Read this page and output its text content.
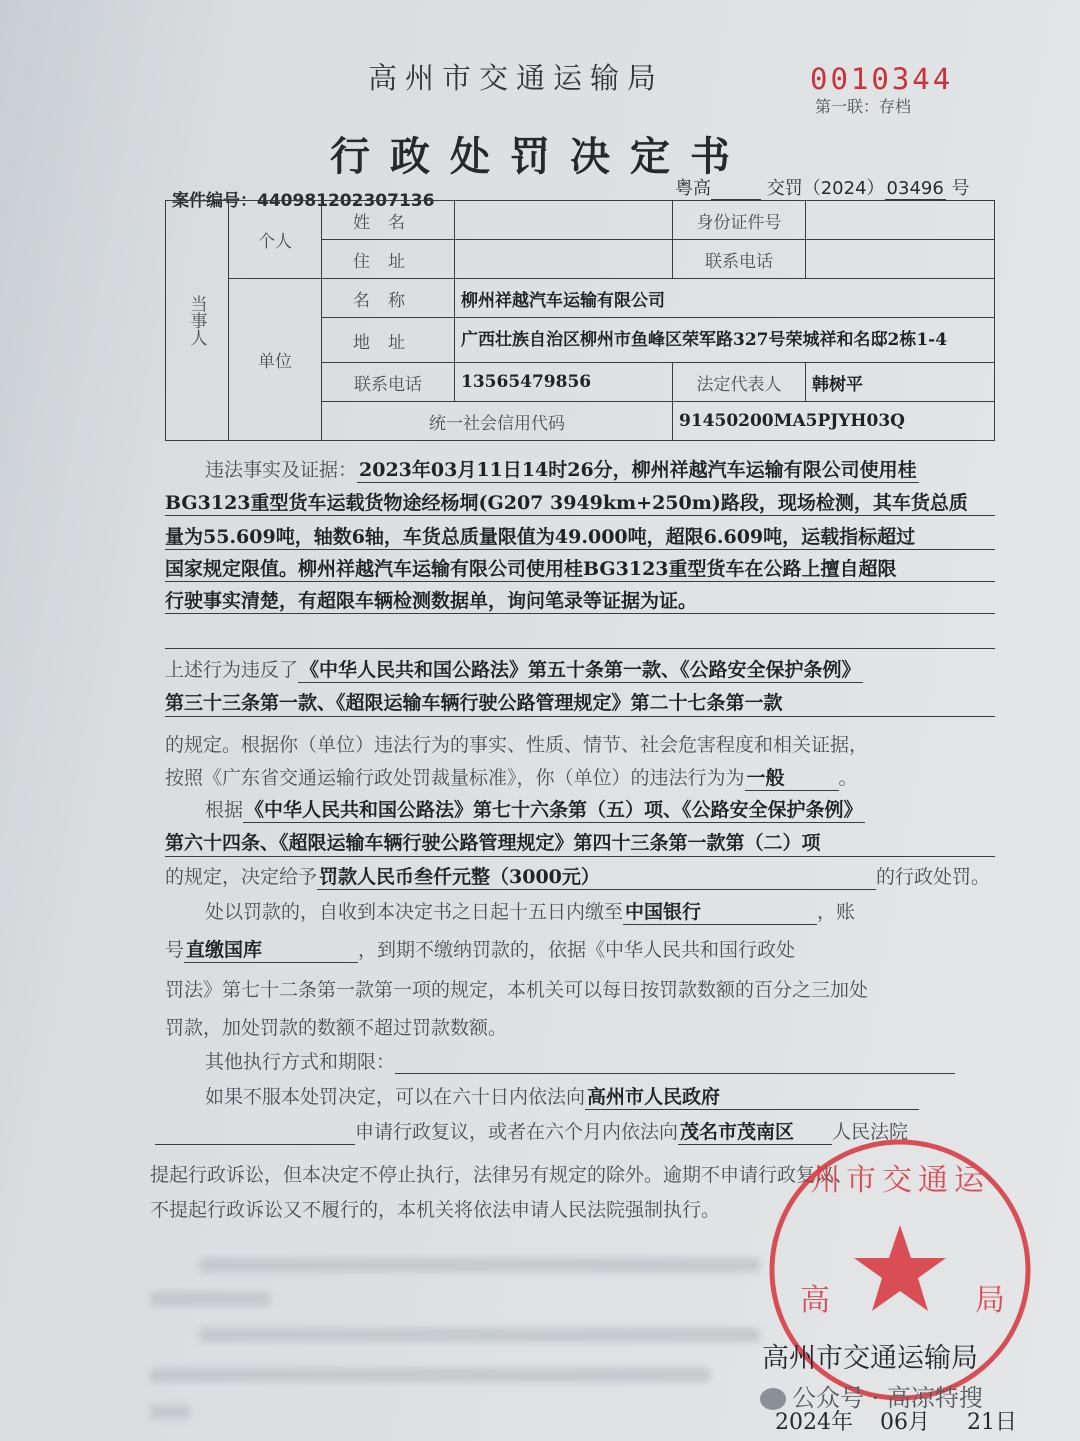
高州市交通运输局	0010344
第一联：存档
行政处罚决定书
案件编号：440981202307136
粤高	交罚（2024） 03496 号
当事人	个人	姓名		身份证件号	
		住址		联系电话	
	单位	名称	柳州祥越汽车运输有限公司		
		地址	广西壮族自治区柳州市鱼峰区荣军路327号荣城祥和名邸2栋1-4		
		联系电话	13565479856	法定代表人	韩树平
		统一社会信用代码		91450200MA5PJYH03Q	
违法事实及证据： 2023年03月11日14时26分，柳州祥越汽车运输有限公司使用桂
BG3123重型货车运载货物途经杨垌(G207 3949km+250m)路段，现场检测，其车货总质
量为55.609吨，轴数6轴，车货总质量限值为49.000吨，超限6.609吨，运载指标超过
国家规定限值。柳州祥越汽车运输有限公司使用桂BG3123重型货车在公路上擅自超限
行驶事实清楚，有超限车辆检测数据单，询问笔录等证据为证。
上述行为违反了 《中华人民共和国公路法》第五十条第一款、《公路安全保护条例》
第三十三条第一款、《超限运输车辆行驶公路管理规定》第二十七条第一款
的规定。根据你（单位）违法行为的事实、性质、情节、社会危害程度和相关证据，
按照《广东省交通运输行政处罚裁量标准》，你（单位）的违法行为为 一般	。
根据 《中华人民共和国公路法》第七十六条第（五）项、《公路安全保护条例》
第六十四条、《超限运输车辆行驶公路管理规定》第四十三条第一款第（二）项
的规定，决定给予 罚款人民币叁仟元整（3000元）	的行政处罚。
处以罚款的，自收到本决定书之日起十五日内缴至 中国银行	，账
号 直缴国库	，到期不缴纳罚款的，依据《中华人民共和国行政处
罚法》第七十二条第一款第一项的规定，本机关可以每日按罚款数额的百分之三加处
罚款，加处罚款的数额不超过罚款数额。
其他执行方式和期限：
如果不服本处罚决定，可以在六十日内依法向 高州市人民政府
申请行政复议，或者在六个月内依法向 茂名市茂南区 人民法院
提起行政诉讼，但本决定不停止执行，法律另有规定的除外。逾期不申请行政复议、
不提起行政诉讼又不履行的，本机关将依法申请人民法院强制执行。
州市交通运
高	局
高州市交通运输局
公众号 · 高凉特搜
2024年 06月 21日
